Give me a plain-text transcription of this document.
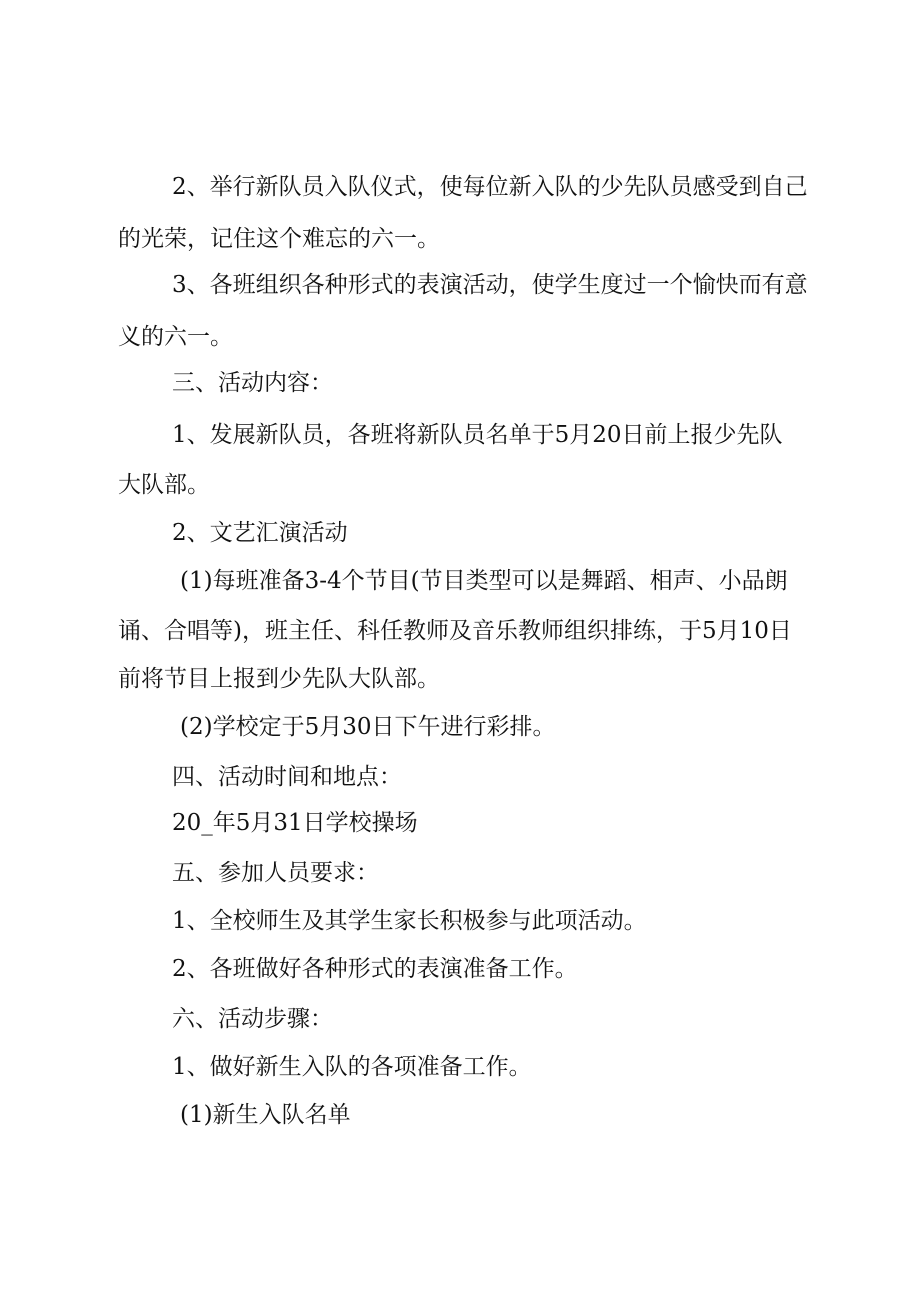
2、举行新队员入队仪式，使每位新入队的少先队员感受到自己

的光荣，记住这个难忘的六一。

3、各班组织各种形式的表演活动，使学生度过一个愉快而有意

义的六一。

三、活动内容：

1、发展新队员，各班将新队员名单于5月20日前上报少先队

大队部。

2、文艺汇演活动

(1)每班准备3-4个节目(节目类型可以是舞蹈、相声、小品朗

诵、合唱等)，班主任、科任教师及音乐教师组织排练，于5月10日

前将节目上报到少先队大队部。

(2)学校定于5月30日下午进行彩排。

四、活动时间和地点：

20_年5月31日学校操场

五、参加人员要求：

1、全校师生及其学生家长积极参与此项活动。

2、各班做好各种形式的表演准备工作。

六、活动步骤：

1、做好新生入队的各项准备工作。

(1)新生入队名单
